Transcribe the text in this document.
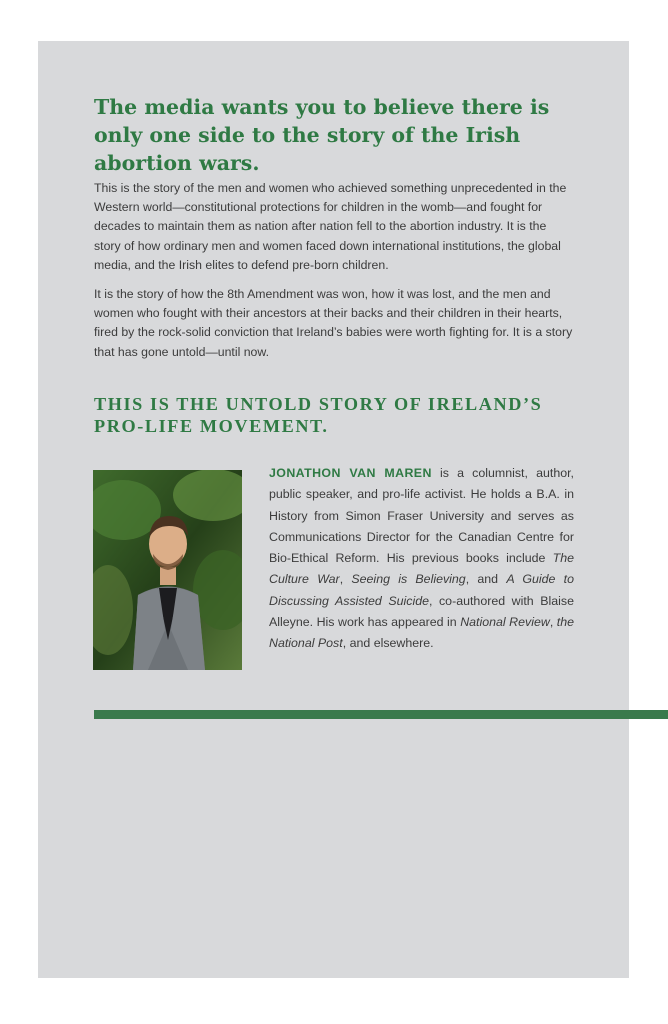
The media wants you to believe there is only one side to the story of the Irish abortion wars.

This is the story of the men and women who achieved something unprecedented in the Western world—constitutional protections for children in the womb—and fought for decades to maintain them as nation after nation fell to the abortion industry. It is the story of how ordinary men and women faced down international institutions, the global media, and the Irish elites to defend pre-born children.

It is the story of how the 8th Amendment was won, how it was lost, and the men and women who fought with their ancestors at their backs and their children in their hearts, fired by the rock-solid conviction that Ireland’s babies were worth fighting for. It is a story that has gone untold—until now.

THIS IS THE UNTOLD STORY OF IRELAND’S PRO-LIFE MOVEMENT.

JONATHON VAN MAREN is a columnist, author, public speaker, and pro-life activist. He holds a B.A. in History from Simon Fraser University and serves as Communications Director for the Canadian Centre for Bio-Ethical Reform. His previous books include The Culture War, Seeing is Believing, and A Guide to Discussing Assisted Suicide, co-authored with Blaise Alleyne. His work has appeared in National Review, the National Post, and elsewhere.
